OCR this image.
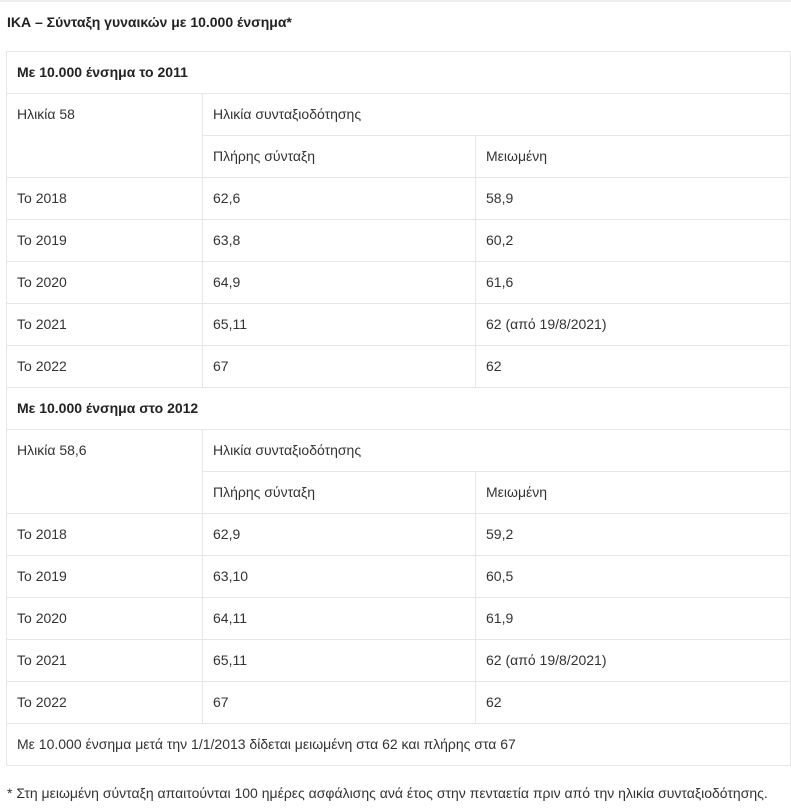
ΙΚΑ – Σύνταξη γυναικών με 10.000 ένσημα*
Με 10.000 ένσημα το 2011		
Ηλικία 58	Ηλικία συνταξιοδότησης	
	Πλήρης σύνταξη	Μειωμένη
Το 2018	62,6	58,9
Το 2019	63,8	60,2
Το 2020	64,9	61,6
Το 2021	65,11	62 (από 19/8/2021)
Το 2022	67	62
Με 10.000 ένσημα στο 2012		
Ηλικία 58,6	Ηλικία συνταξιοδότησης	
	Πλήρης σύνταξη	Μειωμένη
Το 2018	62,9	59,2
Το 2019	63,10	60,5
Το 2020	64,11	61,9
Το 2021	65,11	62 (από 19/8/2021)
Το 2022	67	62
Με 10.000 ένσημα μετά την 1/1/2013 δίδεται μειωμένη στα 62 και πλήρης στα 67		
* Στη μειωμένη σύνταξη απαιτούνται 100 ημέρες ασφάλισης ανά έτος στην πενταετία πριν από την ηλικία συνταξιοδότησης.
